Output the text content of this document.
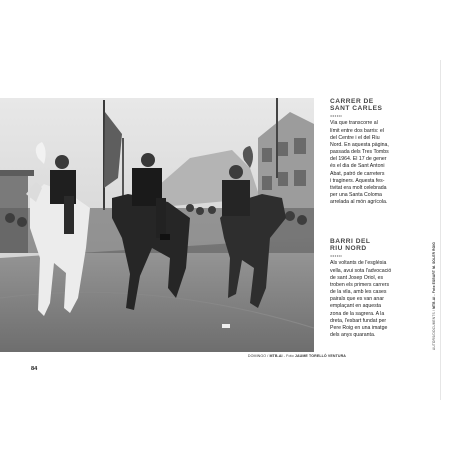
DOMINGO / MTB-AI - Foto JAUME TORELLÓ VENTURA
84

CARRER DE
SANT CARLES

Via que transcorre al
límit entre dos barris: el
del Centre i el del Riu
Nord. En aquesta pàgina,
passada dels Tres Tombs
del 1964. El 17 de gener
és el dia de Sant Antoni
Abat, patró de carreters
i traginers. Aquesta fes-
tivitat era molt celebrada
per una Santa Coloma
arrelada al món agrícola.

BARRI DEL
RIU NORD

Als voltants de l'església
vella, avui sota l'advocació
de sant Josep Oriol, es
troben els primers carrers
de la vila, amb les cases
pairals que es van anar
emplaçant en aquesta
zona de la sagrera. A la
dreta, l'esbart fundat per
Pere Roig en una imatge
dels anys quaranta.	AUTORS/DOCUMENTS / MTB-AI - Foto ESBART M. SOLER ROIG
